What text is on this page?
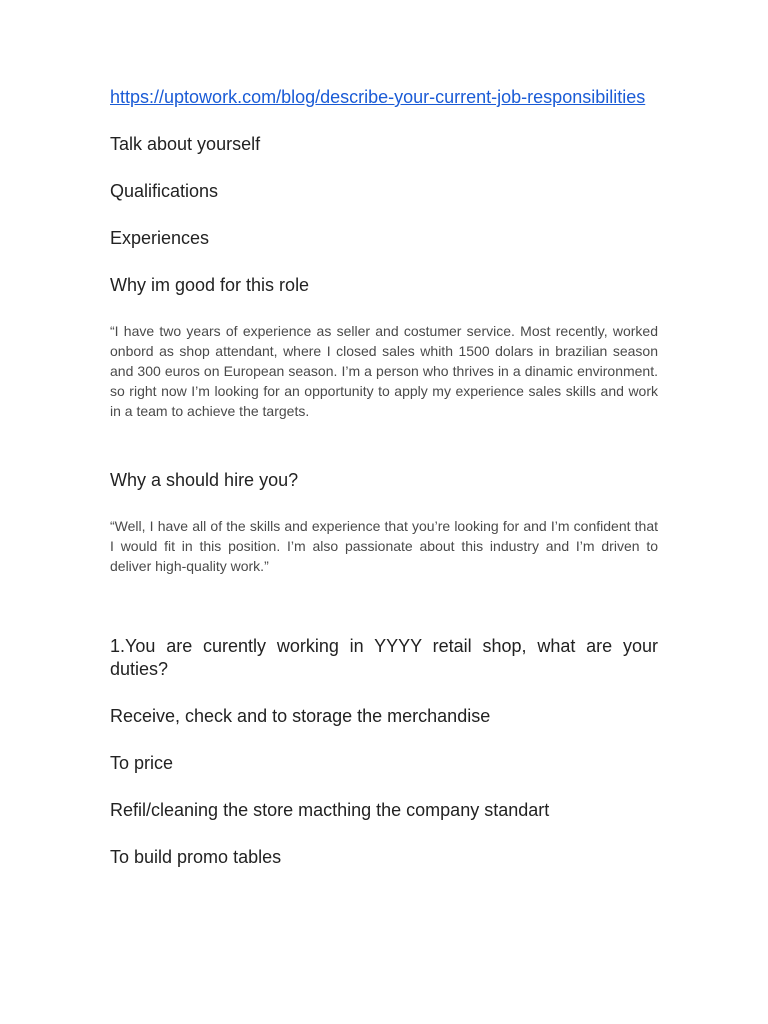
https://uptowork.com/blog/describe-your-current-job-responsibilities
Talk about yourself
Qualifications
Experiences
Why im good for this role

“I have two years of experience as seller and costumer service. Most recently, worked onbord as shop attendant, where I closed sales whith 1500 dolars in brazilian season and 300 euros on European season. I’m a person who thrives in a dinamic environment. so right now I’m looking for an opportunity to apply my experience sales skills and work in a team to achieve the targets.

Why a should hire you?

“Well, I have all of the skills and experience that you’re looking for and I’m confident that I would fit in this position. I’m also passionate about this industry and I’m driven to deliver high-quality work.”

1.You are curently working in YYYY retail shop, what are your duties?
Receive, check and to storage the merchandise
To price
Refil/cleaning the store macthing the company standart
To build promo tables
